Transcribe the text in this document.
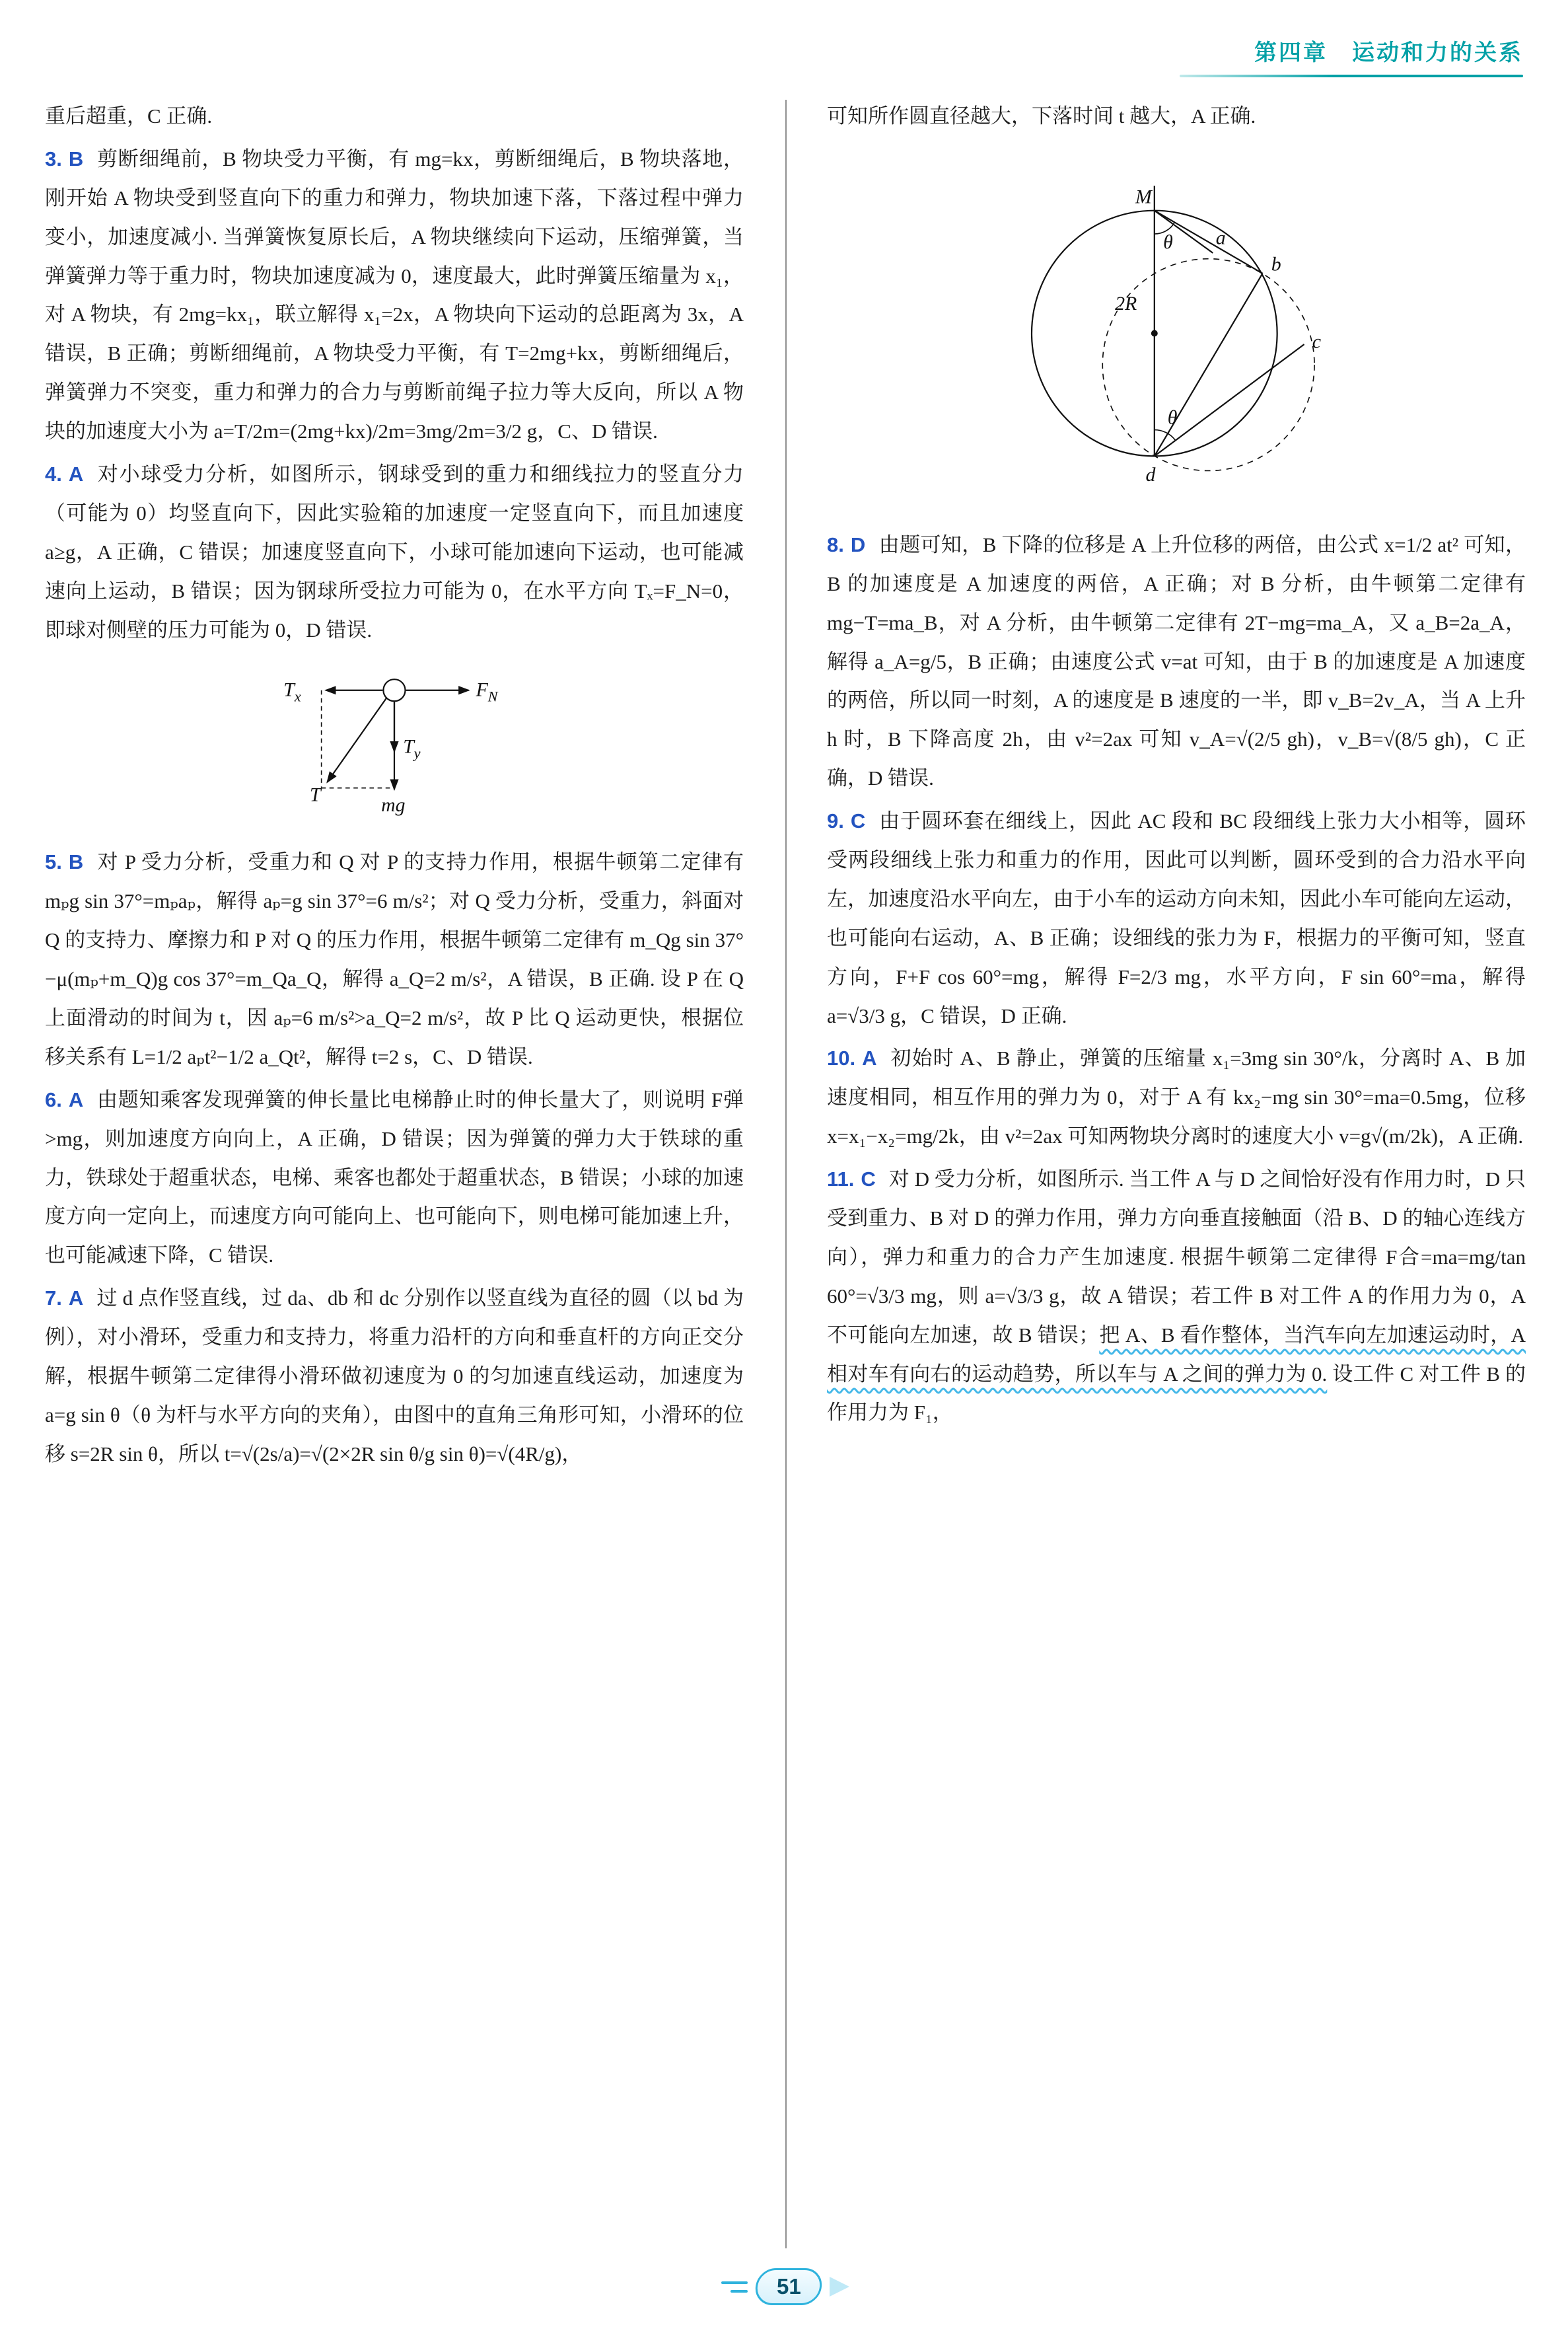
第四章　运动和力的关系

重后超重，C 正确.

3. B 剪断细绳前，B 物块受力平衡，有 mg=kx，剪断细绳后，B 物块落地，刚开始 A 物块受到竖直向下的重力和弹力，物块加速下落，下落过程中弹力变小，加速度减小. 当弹簧恢复原长后，A 物块继续向下运动，压缩弹簧，当弹簧弹力等于重力时，物块加速度减为 0，速度最大，此时弹簧压缩量为 x₁，对 A 物块，有 2mg=kx₁，联立解得 x₁=2x，A 物块向下运动的总距离为 3x，A 错误，B 正确；剪断细绳前，A 物块受力平衡，有 T=2mg+kx，剪断细绳后，弹簧弹力不突变，重力和弹力的合力与剪断前绳子拉力等大反向，所以 A 物块的加速度大小为 a=T/2m=(2mg+kx)/2m=3mg/2m=3/2 g，C、D 错误.

4. A 对小球受力分析，如图所示，钢球受到的重力和细线拉力的竖直分力（可能为 0）均竖直向下，因此实验箱的加速度一定竖直向下，而且加速度 a≥g，A 正确，C 错误；加速度竖直向下，小球可能加速向下运动，也可能减速向上运动，B 错误；因为钢球所受拉力可能为 0，在水平方向 Tₓ=F_N=0，即球对侧壁的压力可能为 0，D 错误.

$T_x$	$F_N$
T
$T_y$
mg

5. B 对 P 受力分析，受重力和 Q 对 P 的支持力作用，根据牛顿第二定律有 mₚg sin 37°=mₚaₚ，解得 aₚ=g sin 37°=6 m/s²；对 Q 受力分析，受重力，斜面对 Q 的支持力、摩擦力和 P 对 Q 的压力作用，根据牛顿第二定律有 m_Qg sin 37°−μ(mₚ+m_Q)g cos 37°=m_Qa_Q，解得 a_Q=2 m/s²，A 错误，B 正确. 设 P 在 Q 上面滑动的时间为 t，因 aₚ=6 m/s²>a_Q=2 m/s²，故 P 比 Q 运动更快，根据位移关系有 L=1/2 aₚt²−1/2 a_Qt²，解得 t=2 s，C、D 错误.

6. A 由题知乘客发现弹簧的伸长量比电梯静止时的伸长量大了，则说明 F弹>mg，则加速度方向向上，A 正确，D 错误；因为弹簧的弹力大于铁球的重力，铁球处于超重状态，电梯、乘客也都处于超重状态，B 错误；小球的加速度方向一定向上，而速度方向可能向上、也可能向下，则电梯可能加速上升，也可能减速下降，C 错误.

7. A 过 d 点作竖直线，过 da、db 和 dc 分别作以竖直线为直径的圆（以 bd 为例），对小滑环，受重力和支持力，将重力沿杆的方向和垂直杆的方向正交分解，根据牛顿第二定律得小滑环做初速度为 0 的匀加速直线运动，加速度为 a=g sin θ（θ 为杆与水平方向的夹角），由图中的直角三角形可知，小滑环的位移 s=2R sin θ，所以 t=√(2s/a)=√(2×2R sin θ/g sin θ)=√(4R/g)，

可知所作圆直径越大，下落时间 t 越大，A 正确.

M
θ
2R
a
b
c
θ
d

8. D 由题可知，B 下降的位移是 A 上升位移的两倍，由公式 x=1/2 at² 可知，B 的加速度是 A 加速度的两倍，A 正确；对 B 分析，由牛顿第二定律有 mg−T=ma_B，对 A 分析，由牛顿第二定律有 2T−mg=ma_A，又 a_B=2a_A，解得 a_A=g/5，B 正确；由速度公式 v=at 可知，由于 B 的加速度是 A 加速度的两倍，所以同一时刻，A 的速度是 B 速度的一半，即 v_B=2v_A，当 A 上升 h 时，B 下降高度 2h，由 v²=2ax 可知 v_A=√(2/5 gh)，v_B=√(8/5 gh)，C 正确，D 错误.

9. C 由于圆环套在细线上，因此 AC 段和 BC 段细线上张力大小相等，圆环受两段细线上张力和重力的作用，因此可以判断，圆环受到的合力沿水平向左，加速度沿水平向左，由于小车的运动方向未知，因此小车可能向左运动，也可能向右运动，A、B 正确；设细线的张力为 F，根据力的平衡可知，竖直方向，F+F cos 60°=mg，解得 F=2/3 mg，水平方向，F sin 60°=ma，解得 a=√3/3 g，C 错误，D 正确.

10. A 初始时 A、B 静止，弹簧的压缩量 x₁=3mg sin 30°/k，分离时 A、B 加速度相同，相互作用的弹力为 0，对于 A 有 kx₂−mg sin 30°=ma=0.5mg，位移 x=x₁−x₂=mg/2k，由 v²=2ax 可知两物块分离时的速度大小 v=g√(m/2k)，A 正确.

11. C 对 D 受力分析，如图所示. 当工件 A 与 D 之间恰好没有作用力时，D 只受到重力、B 对 D 的弹力作用，弹力方向垂直接触面（沿 B、D 的轴心连线方向），弹力和重力的合力产生加速度. 根据牛顿第二定律得 F合=ma=mg/tan 60°=√3/3 mg，则 a=√3/3 g，故 A 错误；若工件 B 对工件 A 的作用力为 0，A 不可能向左加速，故 B 错误；把 A、B 看作整体，当汽车向左加速运动时，A 相对车有向右的运动趋势，所以车与 A 之间的弹力为 0. 设工件 C 对工件 B 的作用力为 F₁，

51
